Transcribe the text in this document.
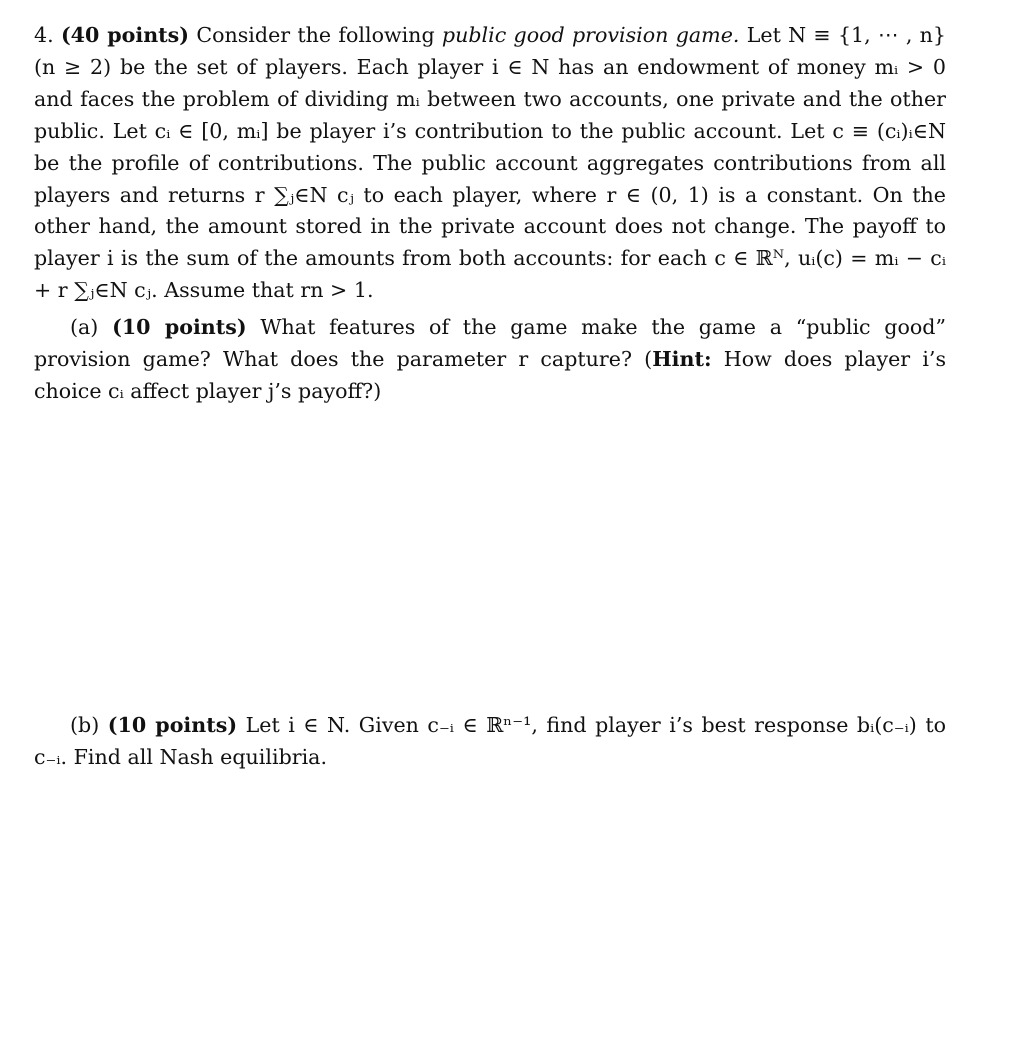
4. (40 points) Consider the following public good provision game. Let N ≡ {1, ⋯ , n} (n ≥ 2) be the set of players. Each player i ∈ N has an endowment of money mᵢ > 0 and faces the problem of dividing mᵢ between two accounts, one private and the other public. Let cᵢ ∈ [0, mᵢ] be player i’s contribution to the public account. Let c ≡ (cᵢ)ᵢ∈N be the profile of contributions. The public account aggregates contributions from all players and returns r ∑ⱼ∈N cⱼ to each player, where r ∈ (0, 1) is a constant. On the other hand, the amount stored in the private account does not change. The payoff to player i is the sum of the amounts from both accounts: for each c ∈ ℝᴺ, uᵢ(c) = mᵢ − cᵢ + r ∑ⱼ∈N cⱼ. Assume that rn > 1.

(a) (10 points) What features of the game make the game a “public good” provision game? What does the parameter r capture? (Hint: How does player i’s choice cᵢ affect player j’s payoff?)

(b) (10 points) Let i ∈ N. Given c₋ᵢ ∈ ℝⁿ⁻¹, find player i’s best response bᵢ(c₋ᵢ) to c₋ᵢ. Find all Nash equilibria.
